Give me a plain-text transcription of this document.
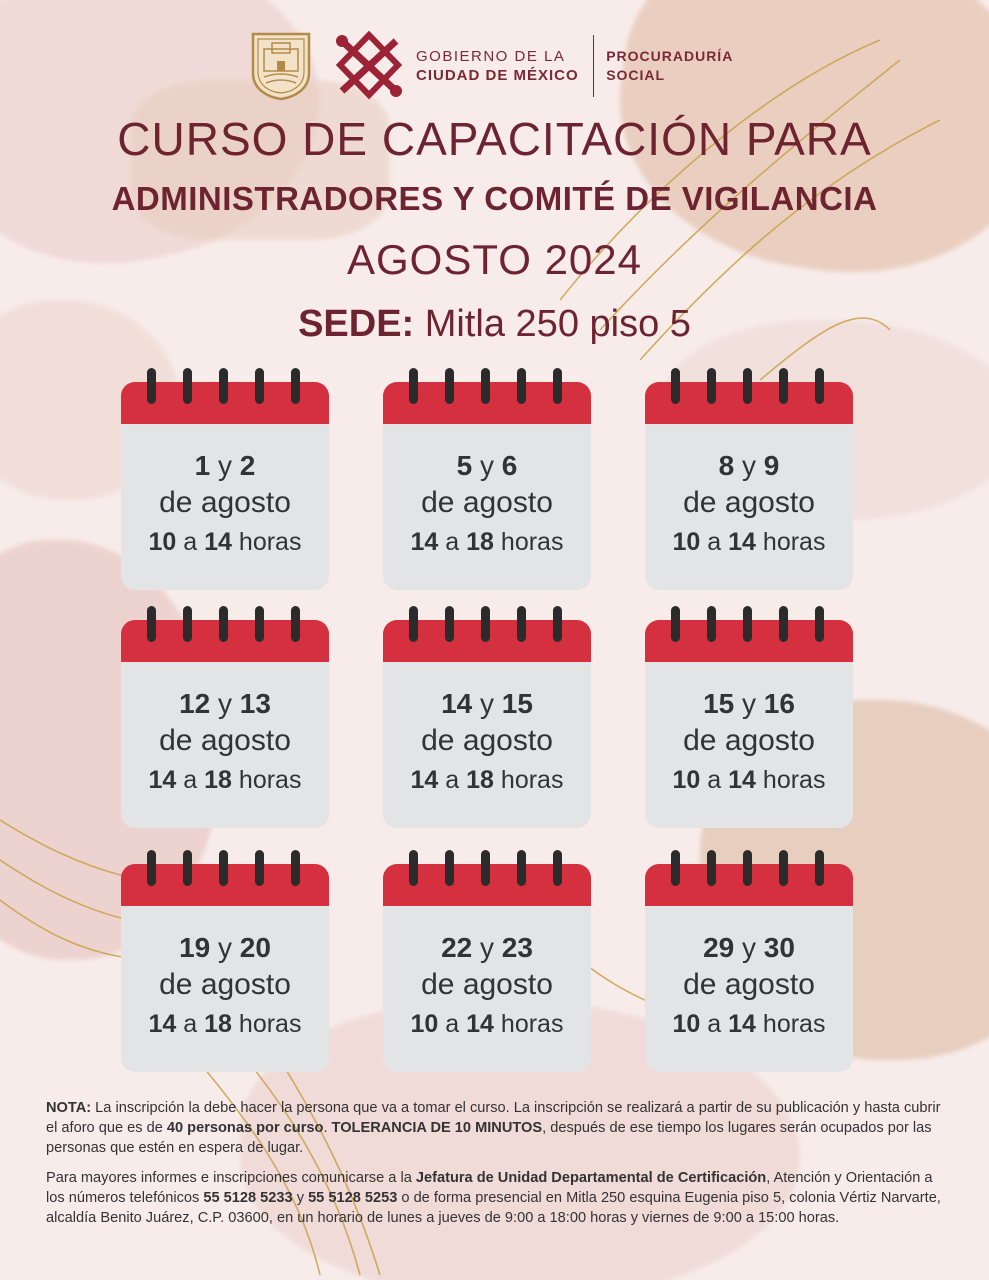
GOBIERNO DE LA
CIUDAD DE MÉXICO
PROCURADURÍA
SOCIAL
CURSO DE CAPACITACIÓN PARA
ADMINISTRADORES Y COMITÉ DE VIGILANCIA
AGOSTO 2024
SEDE: Mitla 250 piso 5
1 y 2
de agosto
10 a 14 horas
5 y 6
de agosto
14 a 18 horas
8 y 9
de agosto
10 a 14 horas
12 y 13
de agosto
14 a 18 horas
14 y 15
de agosto
14 a 18 horas
15 y 16
de agosto
10 a 14 horas
19 y 20
de agosto
14 a 18 horas
22 y 23
de agosto
10 a 14 horas
29 y 30
de agosto
10 a 14 horas

NOTA: La inscripción la debe hacer la persona que va a tomar el curso. La inscripción se realizará a partir de su publicación y hasta cubrir el aforo que es de 40 personas por curso. TOLERANCIA DE 10 MINUTOS, después de ese tiempo los lugares serán ocupados por las personas que estén en espera de lugar.

Para mayores informes e inscripciones comunicarse a la Jefatura de Unidad Departamental de Certificación, Atención y Orientación a los números telefónicos 55 5128 5233 y 55 5128 5253 o de forma presencial en Mitla 250 esquina Eugenia piso 5, colonia Vértiz Narvarte, alcaldía Benito Juárez, C.P. 03600, en un horario de lunes a jueves de 9:00 a 18:00 horas y viernes de 9:00 a 15:00 horas.
